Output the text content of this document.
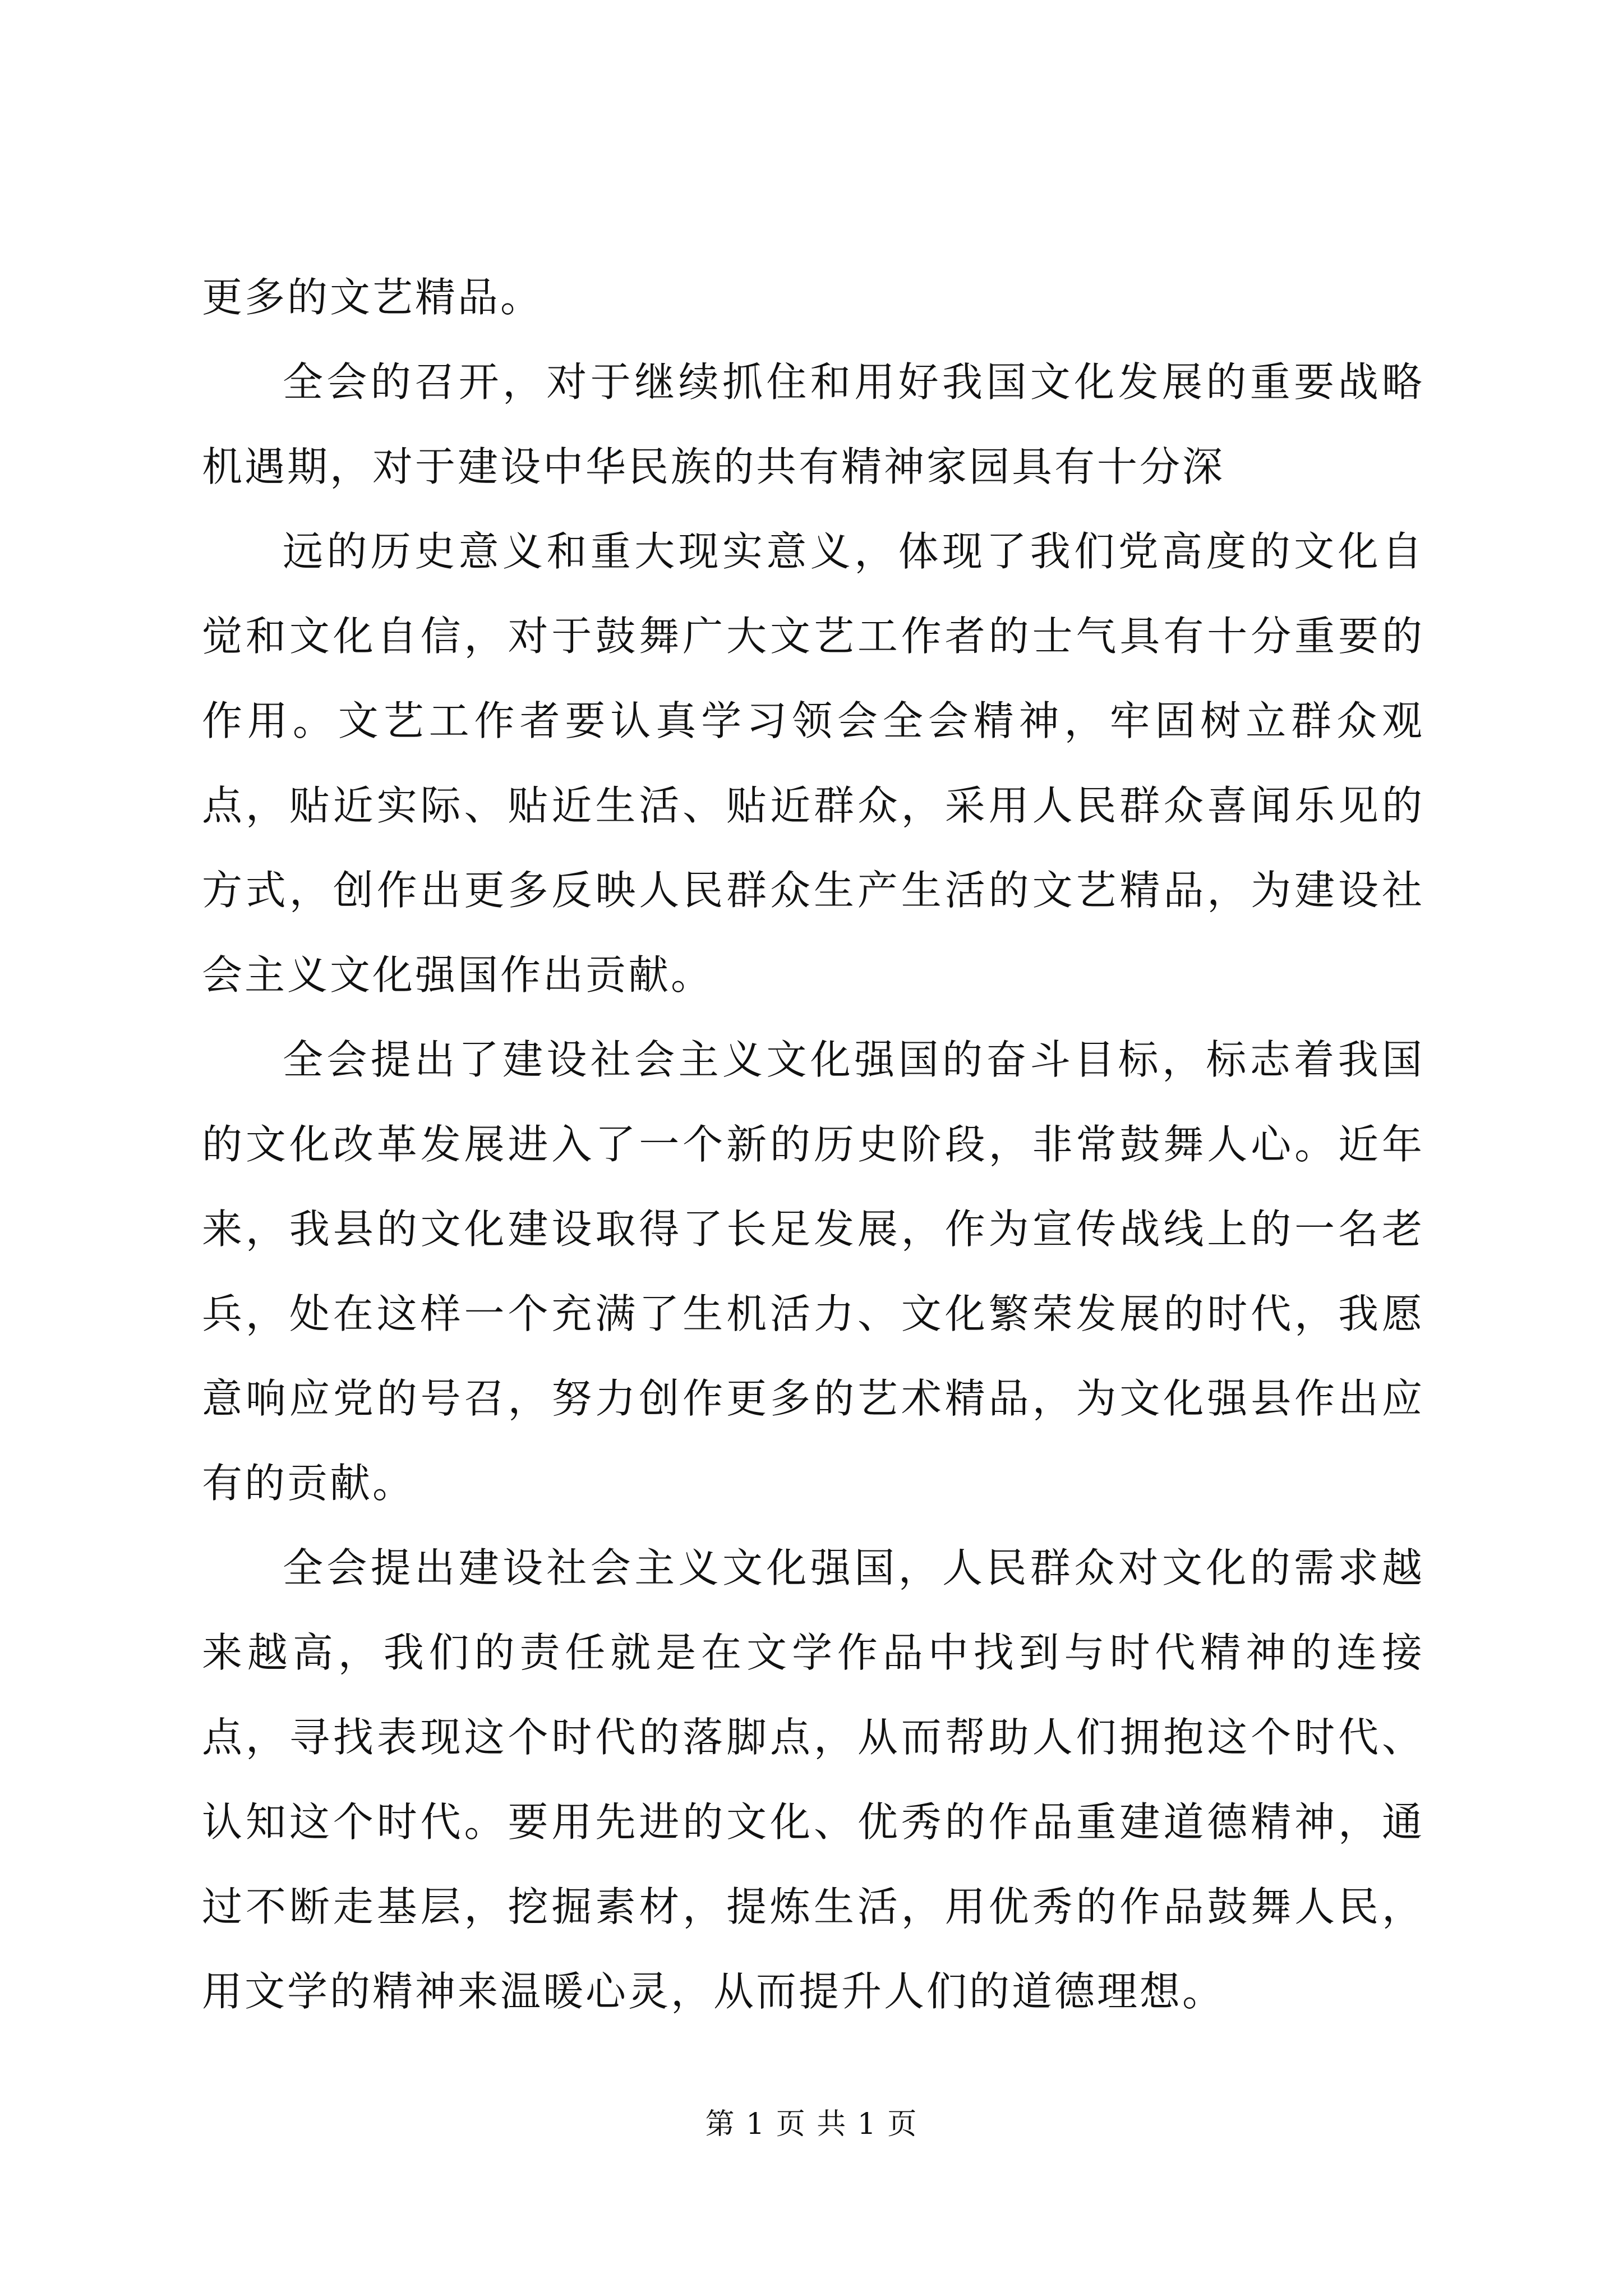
更多的文艺精品。

全会的召开，对于继续抓住和用好我国文化发展的重要战略机遇期，对于建设中华民族的共有精神家园具有十分深

远的历史意义和重大现实意义，体现了我们党高度的文化自觉和文化自信，对于鼓舞广大文艺工作者的士气具有十分重要的作用。文艺工作者要认真学习领会全会精神，牢固树立群众观点，贴近实际、贴近生活、贴近群众，采用人民群众喜闻乐见的方式，创作出更多反映人民群众生产生活的文艺精品，为建设社会主义文化强国作出贡献。

全会提出了建设社会主义文化强国的奋斗目标，标志着我国的文化改革发展进入了一个新的历史阶段，非常鼓舞人心。近年来，我县的文化建设取得了长足发展，作为宣传战线上的一名老兵，处在这样一个充满了生机活力、文化繁荣发展的时代，我愿意响应党的号召，努力创作更多的艺术精品，为文化强县作出应有的贡献。

全会提出建设社会主义文化强国，人民群众对文化的需求越来越高，我们的责任就是在文学作品中找到与时代精神的连接点，寻找表现这个时代的落脚点，从而帮助人们拥抱这个时代、认知这个时代。要用先进的文化、优秀的作品重建道德精神，通过不断走基层，挖掘素材，提炼生活，用优秀的作品鼓舞人民，用文学的精神来温暖心灵，从而提升人们的道德理想。

第 1 页 共 1 页
